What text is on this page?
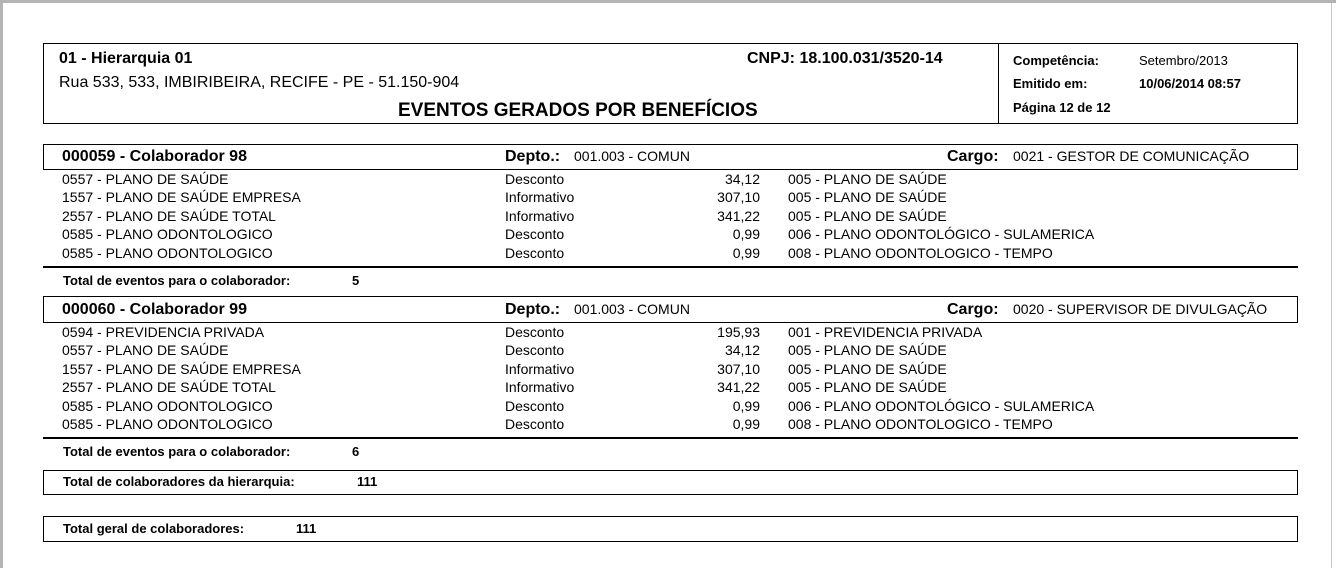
01 - Hierarquia 01
Rua 533, 533, IMBIRIBEIRA, RECIFE - PE - 51.150-904
EVENTOS GERADOS POR BENEFÍCIOS
CNPJ: 18.100.031/3520-14	Competência:	Setembro/2013
Emitido em:	10/06/2014 08:57
Página 12 de 12
000059 - Colaborador 98	Depto.: 001.003 - COMUN	Cargo: 0021 - GESTOR DE COMUNICAÇÃO
0557 - PLANO DE SAÚDE	Desconto	34,12 005 - PLANO DE SAÚDE
1557 - PLANO DE SAÚDE EMPRESA	Informativo	307,10 005 - PLANO DE SAÚDE
2557 - PLANO DE SAÚDE TOTAL	Informativo	341,22 005 - PLANO DE SAÚDE
0585 - PLANO ODONTOLOGICO	Desconto	0,99 006 - PLANO ODONTOLÓGICO - SULAMERICA
0585 - PLANO ODONTOLOGICO	Desconto	0,99 008 - PLANO ODONTOLOGICO - TEMPO
Total de eventos para o colaborador:	5
000060 - Colaborador 99	Depto.: 001.003 - COMUN	Cargo: 0020 - SUPERVISOR DE DIVULGAÇÃO
0594 - PREVIDENCIA PRIVADA	Desconto	195,93 001 - PREVIDENCIA PRIVADA
0557 - PLANO DE SAÚDE	Desconto	34,12 005 - PLANO DE SAÚDE
1557 - PLANO DE SAÚDE EMPRESA	Informativo	307,10 005 - PLANO DE SAÚDE
2557 - PLANO DE SAÚDE TOTAL	Informativo	341,22 005 - PLANO DE SAÚDE
0585 - PLANO ODONTOLOGICO	Desconto	0,99 006 - PLANO ODONTOLÓGICO - SULAMERICA
0585 - PLANO ODONTOLOGICO	Desconto	0,99 008 - PLANO ODONTOLOGICO - TEMPO
Total de eventos para o colaborador:	6
Total de colaboradores da hierarquia:	111
Total geral de colaboradores:	111
